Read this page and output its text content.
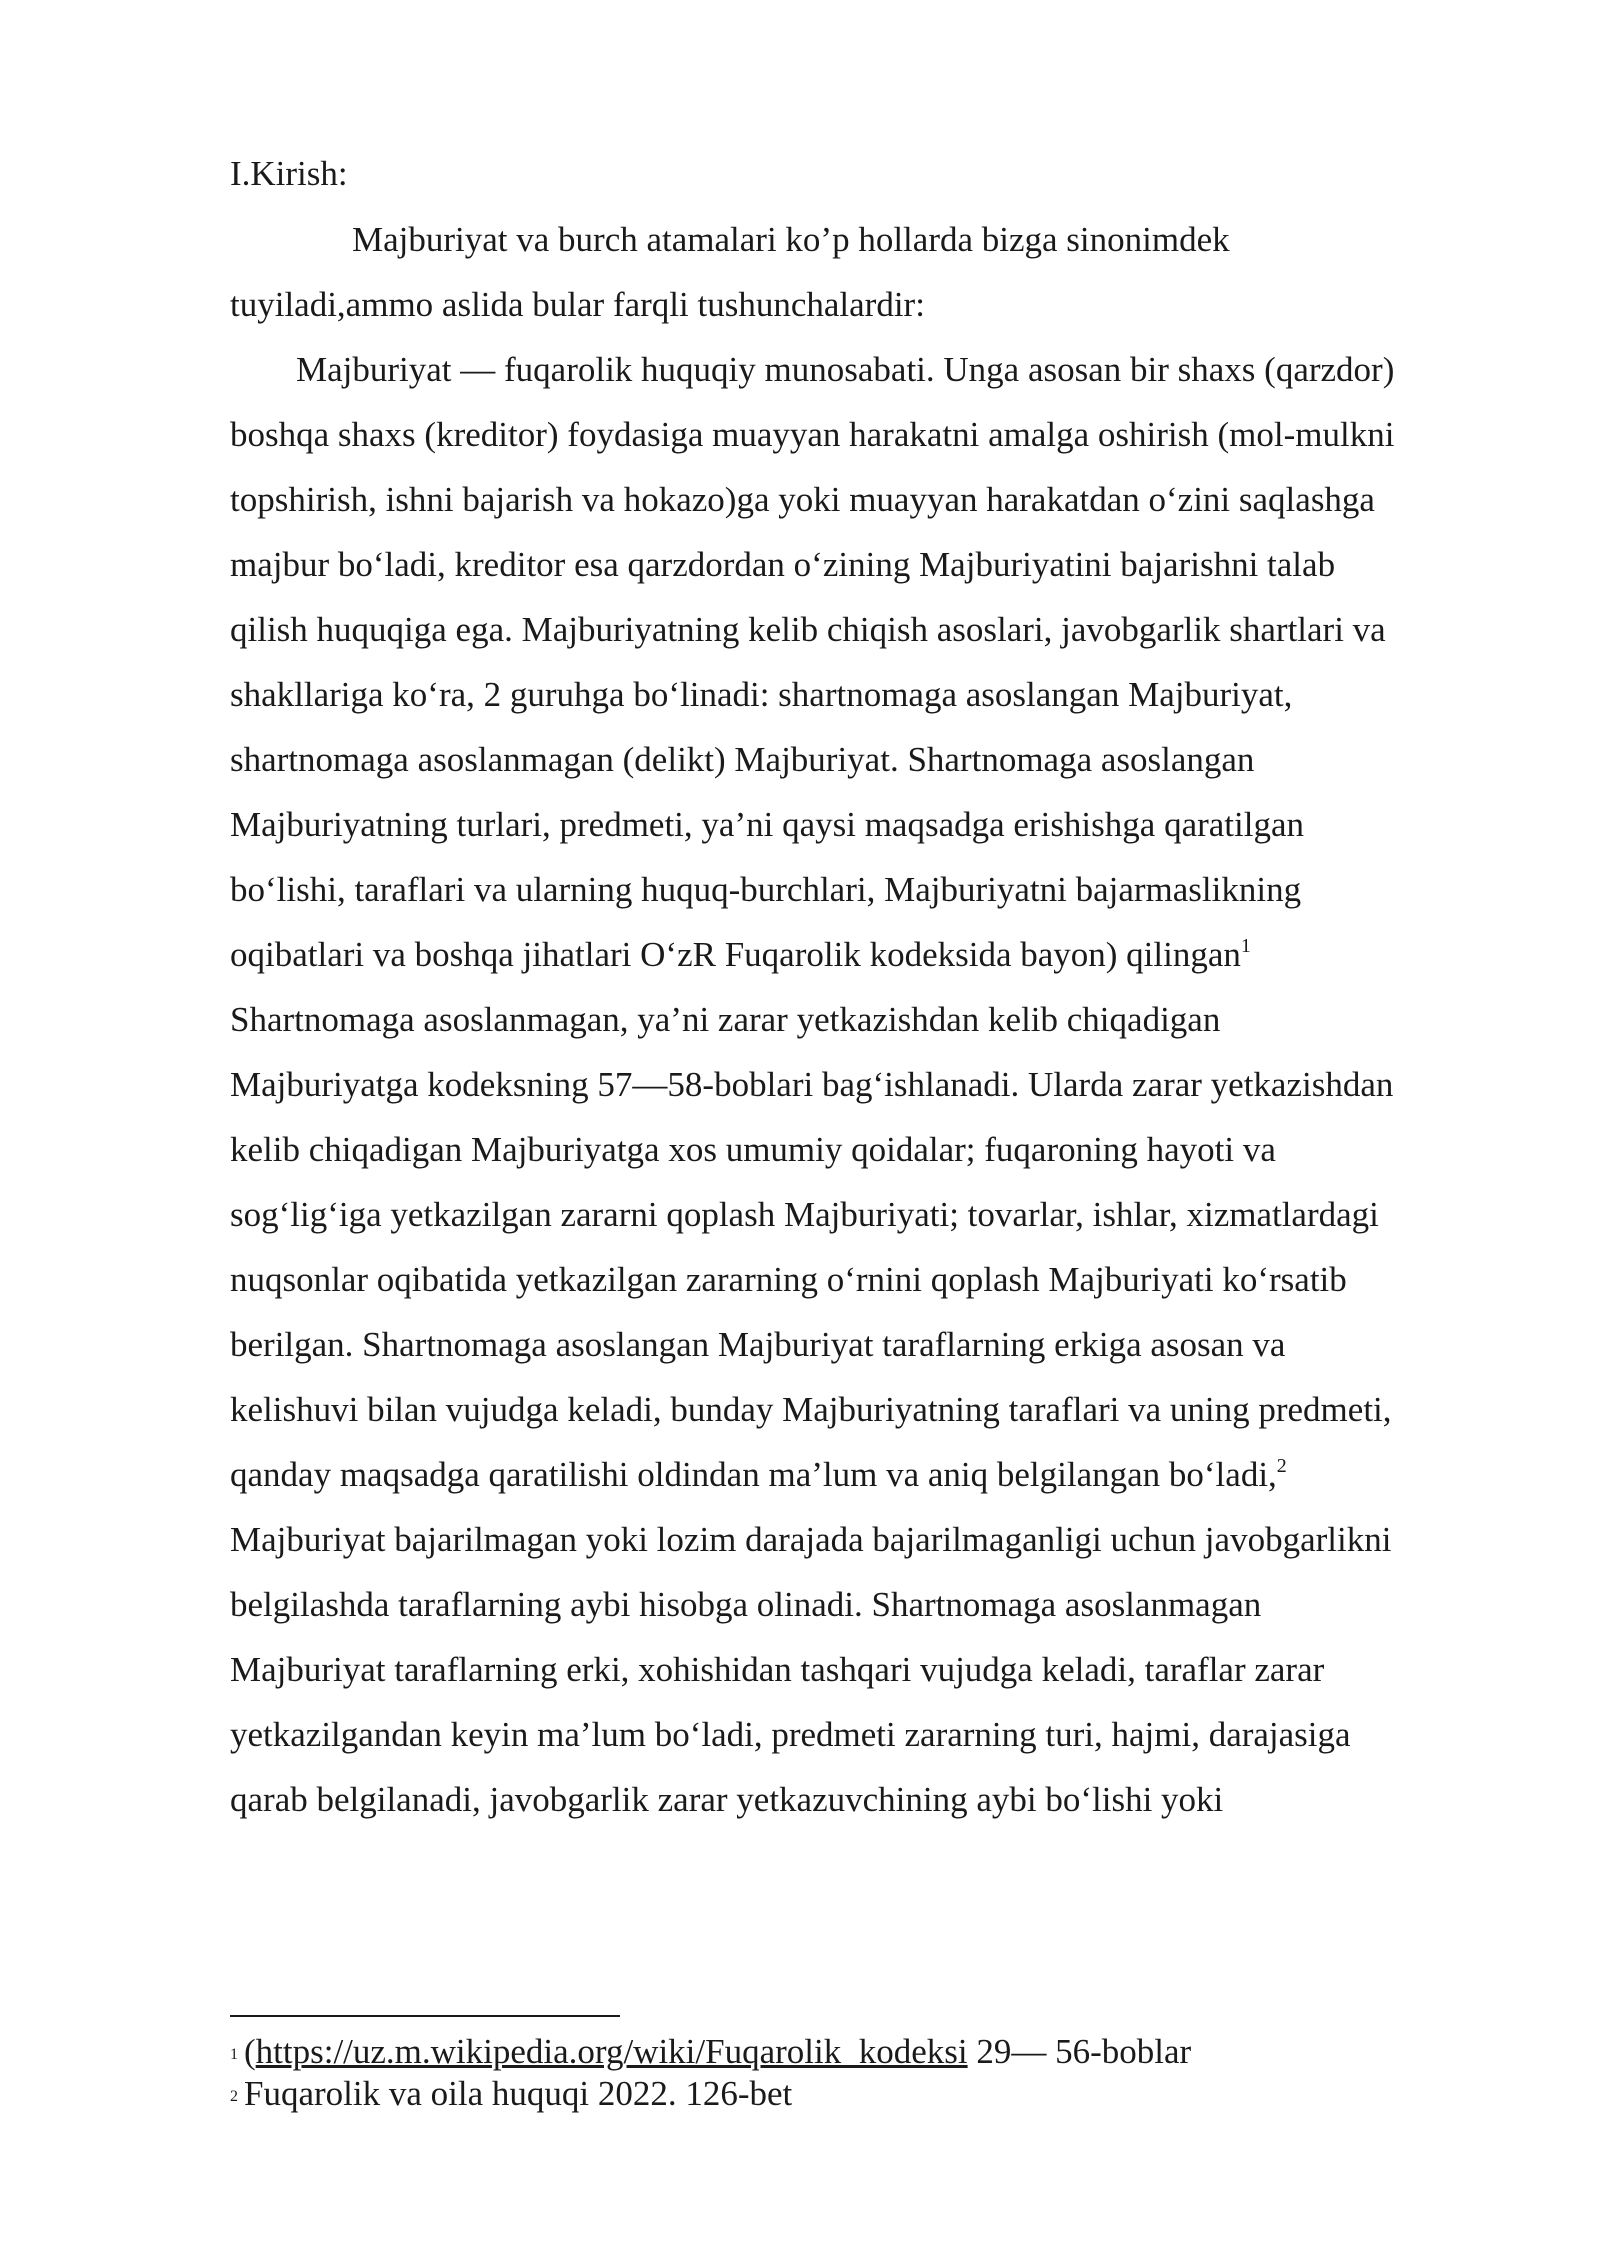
I.Kirish:
Majburiyat va burch atamalari ko’p hollarda bizga sinonimdek
tuyiladi,ammo aslida bular farqli tushunchalardir:
Majburiyat — fuqarolik huquqiy munosabati. Unga asosan bir shaxs (qarzdor)
boshqa shaxs (kreditor) foydasiga muayyan harakatni amalga oshirish (mol-mulkni
topshirish, ishni bajarish va hokazo)ga yoki muayyan harakatdan oʻzini saqlashga
majbur boʻladi, kreditor esa qarzdordan oʻzining Majburiyatini bajarishni talab
qilish huquqiga ega. Majburiyatning kelib chiqish asoslari, javobgarlik shartlari va
shakllariga koʻra, 2 guruhga boʻlinadi: shartnomaga asoslangan Majburiyat,
shartnomaga asoslanmagan (delikt) Majburiyat. Shartnomaga asoslangan
Majburiyatning turlari, predmeti, ya’ni qaysi maqsadga erishishga qaratilgan
boʻlishi, taraflari va ularning huquq-burchlari, Majburiyatni bajarmaslikning
oqibatlari va boshqa jihatlari OʻzR Fuqarolik kodeksida bayon) qilingan$^1$
Shartnomaga asoslanmagan, ya’ni zarar yetkazishdan kelib chiqadigan
Majburiyatga kodeksning 57—58-boblari bagʻishlanadi. Ularda zarar yetkazishdan
kelib chiqadigan Majburiyatga xos umumiy qoidalar; fuqaroning hayoti va
sogʻligʻiga yetkazilgan zararni qoplash Majburiyati; tovarlar, ishlar, xizmatlardagi
nuqsonlar oqibatida yetkazilgan zararning oʻrnini qoplash Majburiyati koʻrsatib
berilgan. Shartnomaga asoslangan Majburiyat taraflarning erkiga asosan va
kelishuvi bilan vujudga keladi, bunday Majburiyatning taraflari va uning predmeti,
qanday maqsadga qaratilishi oldindan ma’lum va aniq belgilangan boʻladi,$^2$
Majburiyat bajarilmagan yoki lozim darajada bajarilmaganligi uchun javobgarlikni
belgilashda taraflarning aybi hisobga olinadi. Shartnomaga asoslanmagan
Majburiyat taraflarning erki, xohishidan tashqari vujudga keladi, taraflar zarar
yetkazilgandan keyin ma’lum boʻladi, predmeti zararning turi, hajmi, darajasiga
qarab belgilanadi, javobgarlik zarar yetkazuvchining aybi boʻlishi yoki
1 (https://uz.m.wikipedia.org/wiki/Fuqarolik_kodeksi 29— 56-boblar
2 Fuqarolik va oila huquqi 2022. 126-bet
